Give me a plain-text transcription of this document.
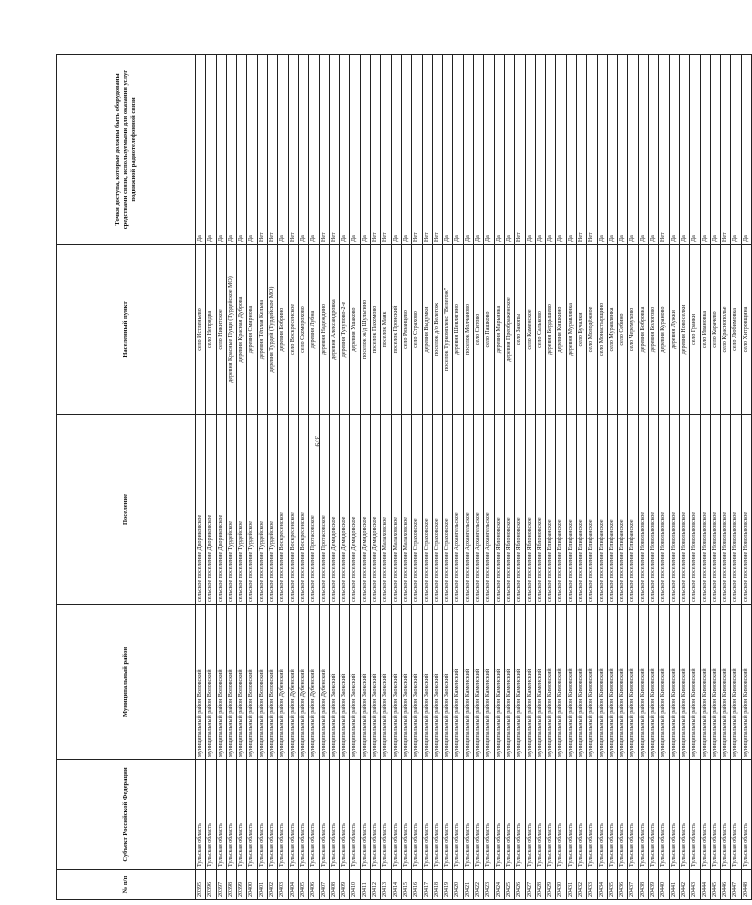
379
№ п/п	Субъект Российской Федерации	Муниципальный район	Поселение	Населенный пункт	Точки доступа, которые должны быть оборудованы средствами связи, используемыми для оказания услуг подвижной радиотелефонной связи
20395	Тульская область	муниципальный район Воловский	сельское поселение Двориковское	село Истленьево	Да
20396	Тульская область	муниципальный район Воловский	сельское поселение Двориковское	село Непрядва	Да
20397	Тульская область	муниципальный район Воловский	сельское поселение Двориковское	село Никитское	Да
20398	Тульская область	муниципальный район Воловский	сельское поселение Турдейское	деревня Красные Пущи (Турдейское МО)	Да
20399	Тульская область	муниципальный район Воловский	сельское поселение Турдейское	деревня Красная Дуброва	Да
20400	Тульская область	муниципальный район Воловский	сельское поселение Турдейское	деревня Смирнова	Да
20401	Тульская область	муниципальный район Воловский	сельское поселение Турдейское	деревня Тёплая Кельна	Нет
20402	Тульская область	муниципальный район Воловский	сельское поселение Турдейское	деревня Турдей (Турдейское МО)	Нет
20403	Тульская область	муниципальный район Дубенский	сельское поселение Воскресенское	деревня Бобрино	Да
20404	Тульская область	муниципальный район Дубенский	сельское поселение Воскресенское	село Воскресенское	Нет
20405	Тульская область	муниципальный район Дубенский	сельское поселение Воскресенское	село Скоморохово	Да
20406	Тульская область	муниципальный район Дубенский	сельское поселение Протасовское	деревня Лубна	Да
20407	Тульская область	муниципальный район Дубенский	сельское поселение Протасовское	деревня Надеждино	Нет
20408	Тульская область	муниципальный район Заокский	сельское поселение Демидовское	деревня Александровка	Нет
20409	Тульская область	муниципальный район Заокский	сельское поселение Демидовское	деревня Тулупово-2-е	Да
20410	Тульская область	муниципальный район Заокский	сельское поселение Демидовское	деревня Ушаково	Да
20411	Тульская область	муниципальный район Заокский	сельское поселение Демидовское	поселок ж/д Шульгино	Да
20412	Тульская область	муниципальный район Заокский	сельское поселение Демидовское	поселок Пахомово	Нет
20413	Тульская область	муниципальный район Заокский	сельское поселение Малаховское	поселок Маяк	Нет
20414	Тульская область	муниципальный район Заокский	сельское поселение Малаховское	поселок Пронский	Да
20415	Тульская область	муниципальный район Заокский	сельское поселение Малаховское	село Рязанцево	Да
20416	Тульская область	муниципальный район Заокский	сельское поселение Страховское	село Страхово	Нет
20417	Тульская область	муниципальный район Заокский	сельское поселение Страховское	деревня Выдумки	Нет
20418	Тульская область	муниципальный район Заокский	сельское поселение Страховское	поселок д/о Велегож	Нет
20419	Тульская область	муниципальный район Заокский	сельское поселение Страховское	поселок Туркомплекс "Велегож"	Да
20420	Тульская область	муниципальный район Каменский	сельское поселение Архангельское	деревня Шевлягино	Да
20421	Тульская область	муниципальный район Каменский	сельское поселение Архангельское	поселок Молчаново	Да
20422	Тульская область	муниципальный район Каменский	сельское поселение Архангельское	село Ситово	Да
20423	Тульская область	муниципальный район Каменский	сельское поселение Архангельское	село Пашково	Да
20424	Тульская область	муниципальный район Каменский	сельское поселение Яблоновское	деревня Марьинка	Да
20425	Тульская область	муниципальный район Каменский	сельское поселение Яблоновское	деревня Преображенское	Да
20426	Тульская область	муниципальный район Каменский	сельское поселение Яблоновское	село Закопы	Нет
20427	Тульская область	муниципальный район Каменский	сельское поселение Яблоновское	село Каменское	Да
20428	Тульская область	муниципальный район Каменский	сельское поселение Яблоновское	село Сальково	Да
20429	Тульская область	муниципальный район Кимовский	сельское поселение Епифанское	деревня Бердышево	Да
20430	Тульская область	муниципальный район Кимовский	сельское поселение Епифанское	деревня Кишкино	Да
20431	Тульская область	муниципальный район Кимовский	сельское поселение Епифанское	деревня Муравлянка	Да
20432	Тульская область	муниципальный район Кимовский	сельское поселение Епифанское	село Бучалки	Нет
20433	Тульская область	муниципальный район Кимовский	сельское поселение Епифанское	село Молодёжное	Нет
20434	Тульская область	муниципальный район Кимовский	сельское поселение Епифанское	село Монастырщино	Да
20435	Тульская область	муниципальный район Кимовский	сельское поселение Епифанское	село Муравлянка	Да
20436	Тульская область	муниципальный район Кимовский	сельское поселение Епифанское	село Себино	Да
20437	Тульская область	муниципальный район Кимовский	сельское поселение Епифанское	село Черемухово	Да
20438	Тульская область	муниципальный район Кимовский	сельское поселение Новольвовское	деревня Бобровка	Да
20439	Тульская область	муниципальный район Кимовский	сельское поселение Новольвовское	деревня Бологово	Да
20440	Тульская область	муниципальный район Кимовский	сельское поселение Новольвовское	деревня Кураново	Нет
20441	Тульская область	муниципальный район Кимовский	сельское поселение Новольвовское	деревня Лужки	Да
20442	Тульская область	муниципальный район Кимовский	сельское поселение Новольвовское	деревня Новоселки	Да
20443	Тульская область	муниципальный район Кимовский	сельское поселение Новольвовское	село Гранки	Да
20444	Тульская область	муниципальный район Кимовский	сельское поселение Новольвовское	село Ивановка	Да
20445	Тульская область	муниципальный район Кимовский	сельское поселение Новольвовское	село Карачево	Да
20446	Тульская область	муниципальный район Кимовский	сельское поселение Новольвовское	село Краснополье	Нет
20447	Тульская область	муниципальный район Кимовский	сельское поселение Новольвовское	село Любимовка	Да
20448	Тульская область	муниципальный район Кимовский	сельское поселение Новольвовское	село Хитровщина	Да
